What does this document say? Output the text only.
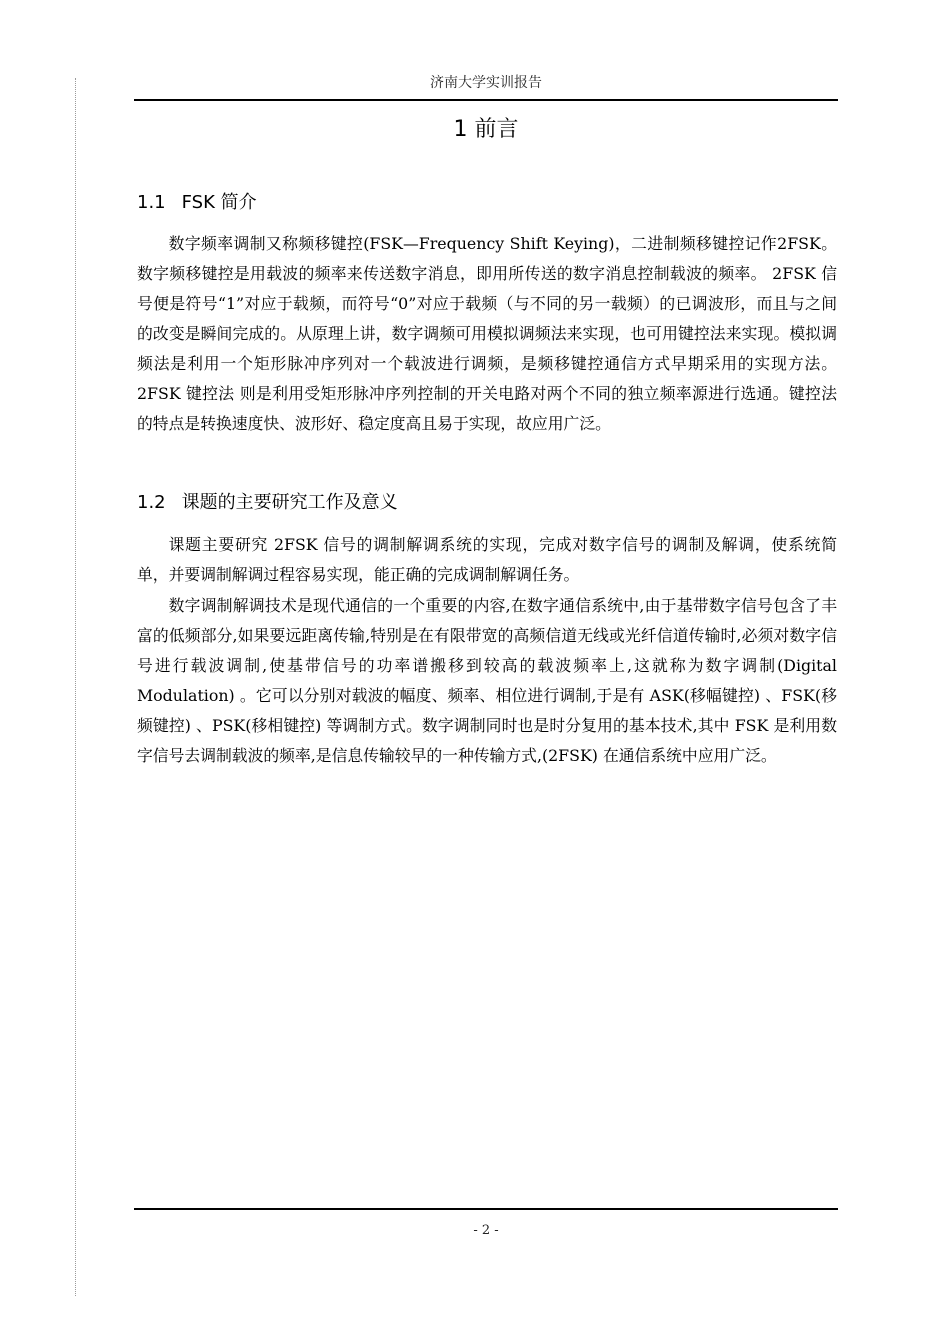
济南大学实训报告
1 前言
1.1 FSK 简介

数字频率调制又称频移键控(FSK—Frequency Shift Keying)，二进制频移键控记作2FSK。数字频移键控是用载波的频率来传送数字消息，即用所传送的数字消息控制载波的频率。 2FSK 信号便是符号“1”对应于载频，而符号“0”对应于载频（与不同的另一载频）的已调波形，而且与之间的改变是瞬间完成的。从原理上讲，数字调频可用模拟调频法来实现，也可用键控法来实现。模拟调频法是利用一个矩形脉冲序列对一个载波进行调频，是频移键控通信方式早期采用的实现方法。2FSK 键控法 则是利用受矩形脉冲序列控制的开关电路对两个不同的独立频率源进行选通。键控法的特点是转换速度快、波形好、稳定度高且易于实现，故应用广泛。

1.2 课题的主要研究工作及意义

课题主要研究 2FSK 信号的调制解调系统的实现，完成对数字信号的调制及解调，使系统简单，并要调制解调过程容易实现，能正确的完成调制解调任务。

数字调制解调技术是现代通信的一个重要的内容,在数字通信系统中,由于基带数字信号包含了丰富的低频部分,如果要远距离传输,特别是在有限带宽的高频信道无线或光纤信道传输时,必须对数字信号进行载波调制,使基带信号的功率谱搬移到较高的载波频率上,这就称为数字调制(Digital Modulation) 。它可以分别对载波的幅度、频率、相位进行调制,于是有 ASK(移幅键控) 、FSK(移频键控) 、PSK(移相键控) 等调制方式。数字调制同时也是时分复用的基本技术,其中 FSK 是利用数字信号去调制载波的频率,是信息传输较早的一种传输方式,(2FSK) 在通信系统中应用广泛。

- 2 -
